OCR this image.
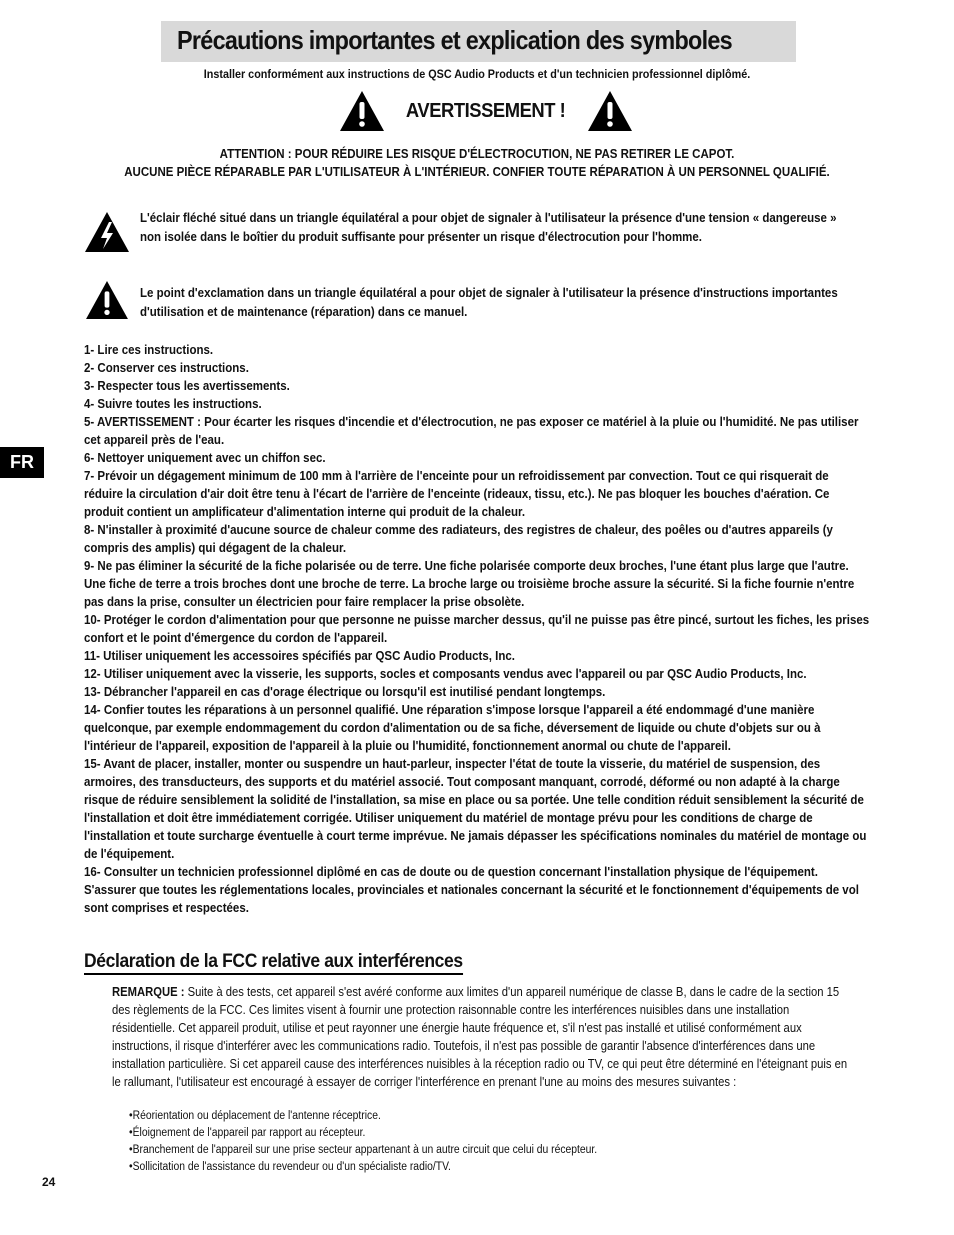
Précautions importantes et explication des symboles
Installer conformément aux instructions de QSC Audio Products et d'un technicien professionnel diplômé.
AVERTISSEMENT !
ATTENTION : POUR RÉDUIRE LES RISQUE D'ÉLECTROCUTION, NE PAS RETIRER LE CAPOT.
AUCUNE PIÈCE RÉPARABLE PAR L'UTILISATEUR À L'INTÉRIEUR. CONFIER TOUTE RÉPARATION À UN PERSONNEL QUALIFIÉ.
L'éclair fléché situé dans un triangle équilatéral a pour objet de signaler à l'utilisateur la présence d'une tension « dangereuse » non isolée dans le boîtier du produit suffisante pour présenter un risque d'électrocution pour l'homme.
Le point d'exclamation dans un triangle équilatéral a pour objet de signaler à l'utilisateur la présence d'instructions importantes d'utilisation et de maintenance (réparation) dans ce manuel.
FR

1- Lire ces instructions.

2- Conserver ces instructions.

3- Respecter tous les avertissements.

4- Suivre toutes les instructions.

5- AVERTISSEMENT : Pour écarter les risques d'incendie et d'électrocution, ne pas exposer ce matériel à la pluie ou l'humidité. Ne pas utiliser cet appareil près de l'eau.

6- Nettoyer uniquement avec un chiffon sec.

7- Prévoir un dégagement minimum de 100 mm à l'arrière de l'enceinte pour un refroidissement par convection. Tout ce qui risquerait de réduire la circulation d'air doit être tenu à l'écart de l'arrière de l'enceinte (rideaux, tissu, etc.). Ne pas bloquer les bouches d'aération. Ce produit contient un amplificateur d'alimentation interne qui produit de la chaleur.

8- N'installer à proximité d'aucune source de chaleur comme des radiateurs, des registres de chaleur, des poêles ou d'autres appareils (y compris des amplis) qui dégagent de la chaleur.

9- Ne pas éliminer la sécurité de la fiche polarisée ou de terre. Une fiche polarisée comporte deux broches, l'une étant plus large que l'autre. Une fiche de terre a trois broches dont une broche de terre. La broche large ou troisième broche assure la sécurité. Si la fiche fournie n'entre pas dans la prise, consulter un électricien pour faire remplacer la prise obsolète.

10- Protéger le cordon d'alimentation pour que personne ne puisse marcher dessus, qu'il ne puisse pas être pincé, surtout les fiches, les prises confort et le point d'émergence du cordon de l'appareil.

11- Utiliser uniquement les accessoires spécifiés par QSC Audio Products, Inc.

12- Utiliser uniquement avec la visserie, les supports, socles et composants vendus avec l'appareil ou par QSC Audio Products, Inc.

13- Débrancher l'appareil en cas d'orage électrique ou lorsqu'il est inutilisé pendant longtemps.

14- Confier toutes les réparations à un personnel qualifié. Une réparation s'impose lorsque l'appareil a été endommagé d'une manière quelconque, par exemple endommagement du cordon d'alimentation ou de sa fiche, déversement de liquide ou chute d'objets sur ou à l'intérieur de l'appareil, exposition de l'appareil à la pluie ou l'humidité, fonctionnement anormal ou chute de l'appareil.

15- Avant de placer, installer, monter ou suspendre un haut-parleur, inspecter l'état de toute la visserie, du matériel de suspension, des armoires, des transducteurs, des supports et du matériel associé. Tout composant manquant, corrodé, déformé ou non adapté à la charge risque de réduire sensiblement la solidité de l'installation, sa mise en place ou sa portée. Une telle condition réduit sensiblement la sécurité de l'installation et doit être immédiatement corrigée. Utiliser uniquement du matériel de montage prévu pour les conditions de charge de l'installation et toute surcharge éventuelle à court terme imprévue. Ne jamais dépasser les spécifications nominales du matériel de montage ou de l'équipement.

16- Consulter un technicien professionnel diplômé en cas de doute ou de question concernant l'installation physique de l'équipement. S'assurer que toutes les réglementations locales, provinciales et nationales concernant la sécurité et le fonctionnement d'équipements de vol sont comprises et respectées.

Déclaration de la FCC relative aux interférences
REMARQUE : Suite à des tests, cet appareil s'est avéré conforme aux limites d'un appareil numérique de classe B, dans le cadre de la section 15 des règlements de la FCC. Ces limites visent à fournir une protection raisonnable contre les interférences nuisibles dans une installation résidentielle. Cet appareil produit, utilise et peut rayonner une énergie haute fréquence et, s'il n'est pas installé et utilisé conformément aux instructions, il risque d'interférer avec les communications radio. Toutefois, il n'est pas possible de garantir l'absence d'interférences dans une installation particulière. Si cet appareil cause des interférences nuisibles à la réception radio ou TV, ce qui peut être déterminé en l'éteignant puis en le rallumant, l'utilisateur est encouragé à essayer de corriger l'interférence en prenant l'une au moins des mesures suivantes :
•Réorientation ou déplacement de l'antenne réceptrice.
•Éloignement de l'appareil par rapport au récepteur.
•Branchement de l'appareil sur une prise secteur appartenant à un autre circuit que celui du récepteur.
•Sollicitation de l'assistance du revendeur ou d'un spécialiste radio/TV.
24
